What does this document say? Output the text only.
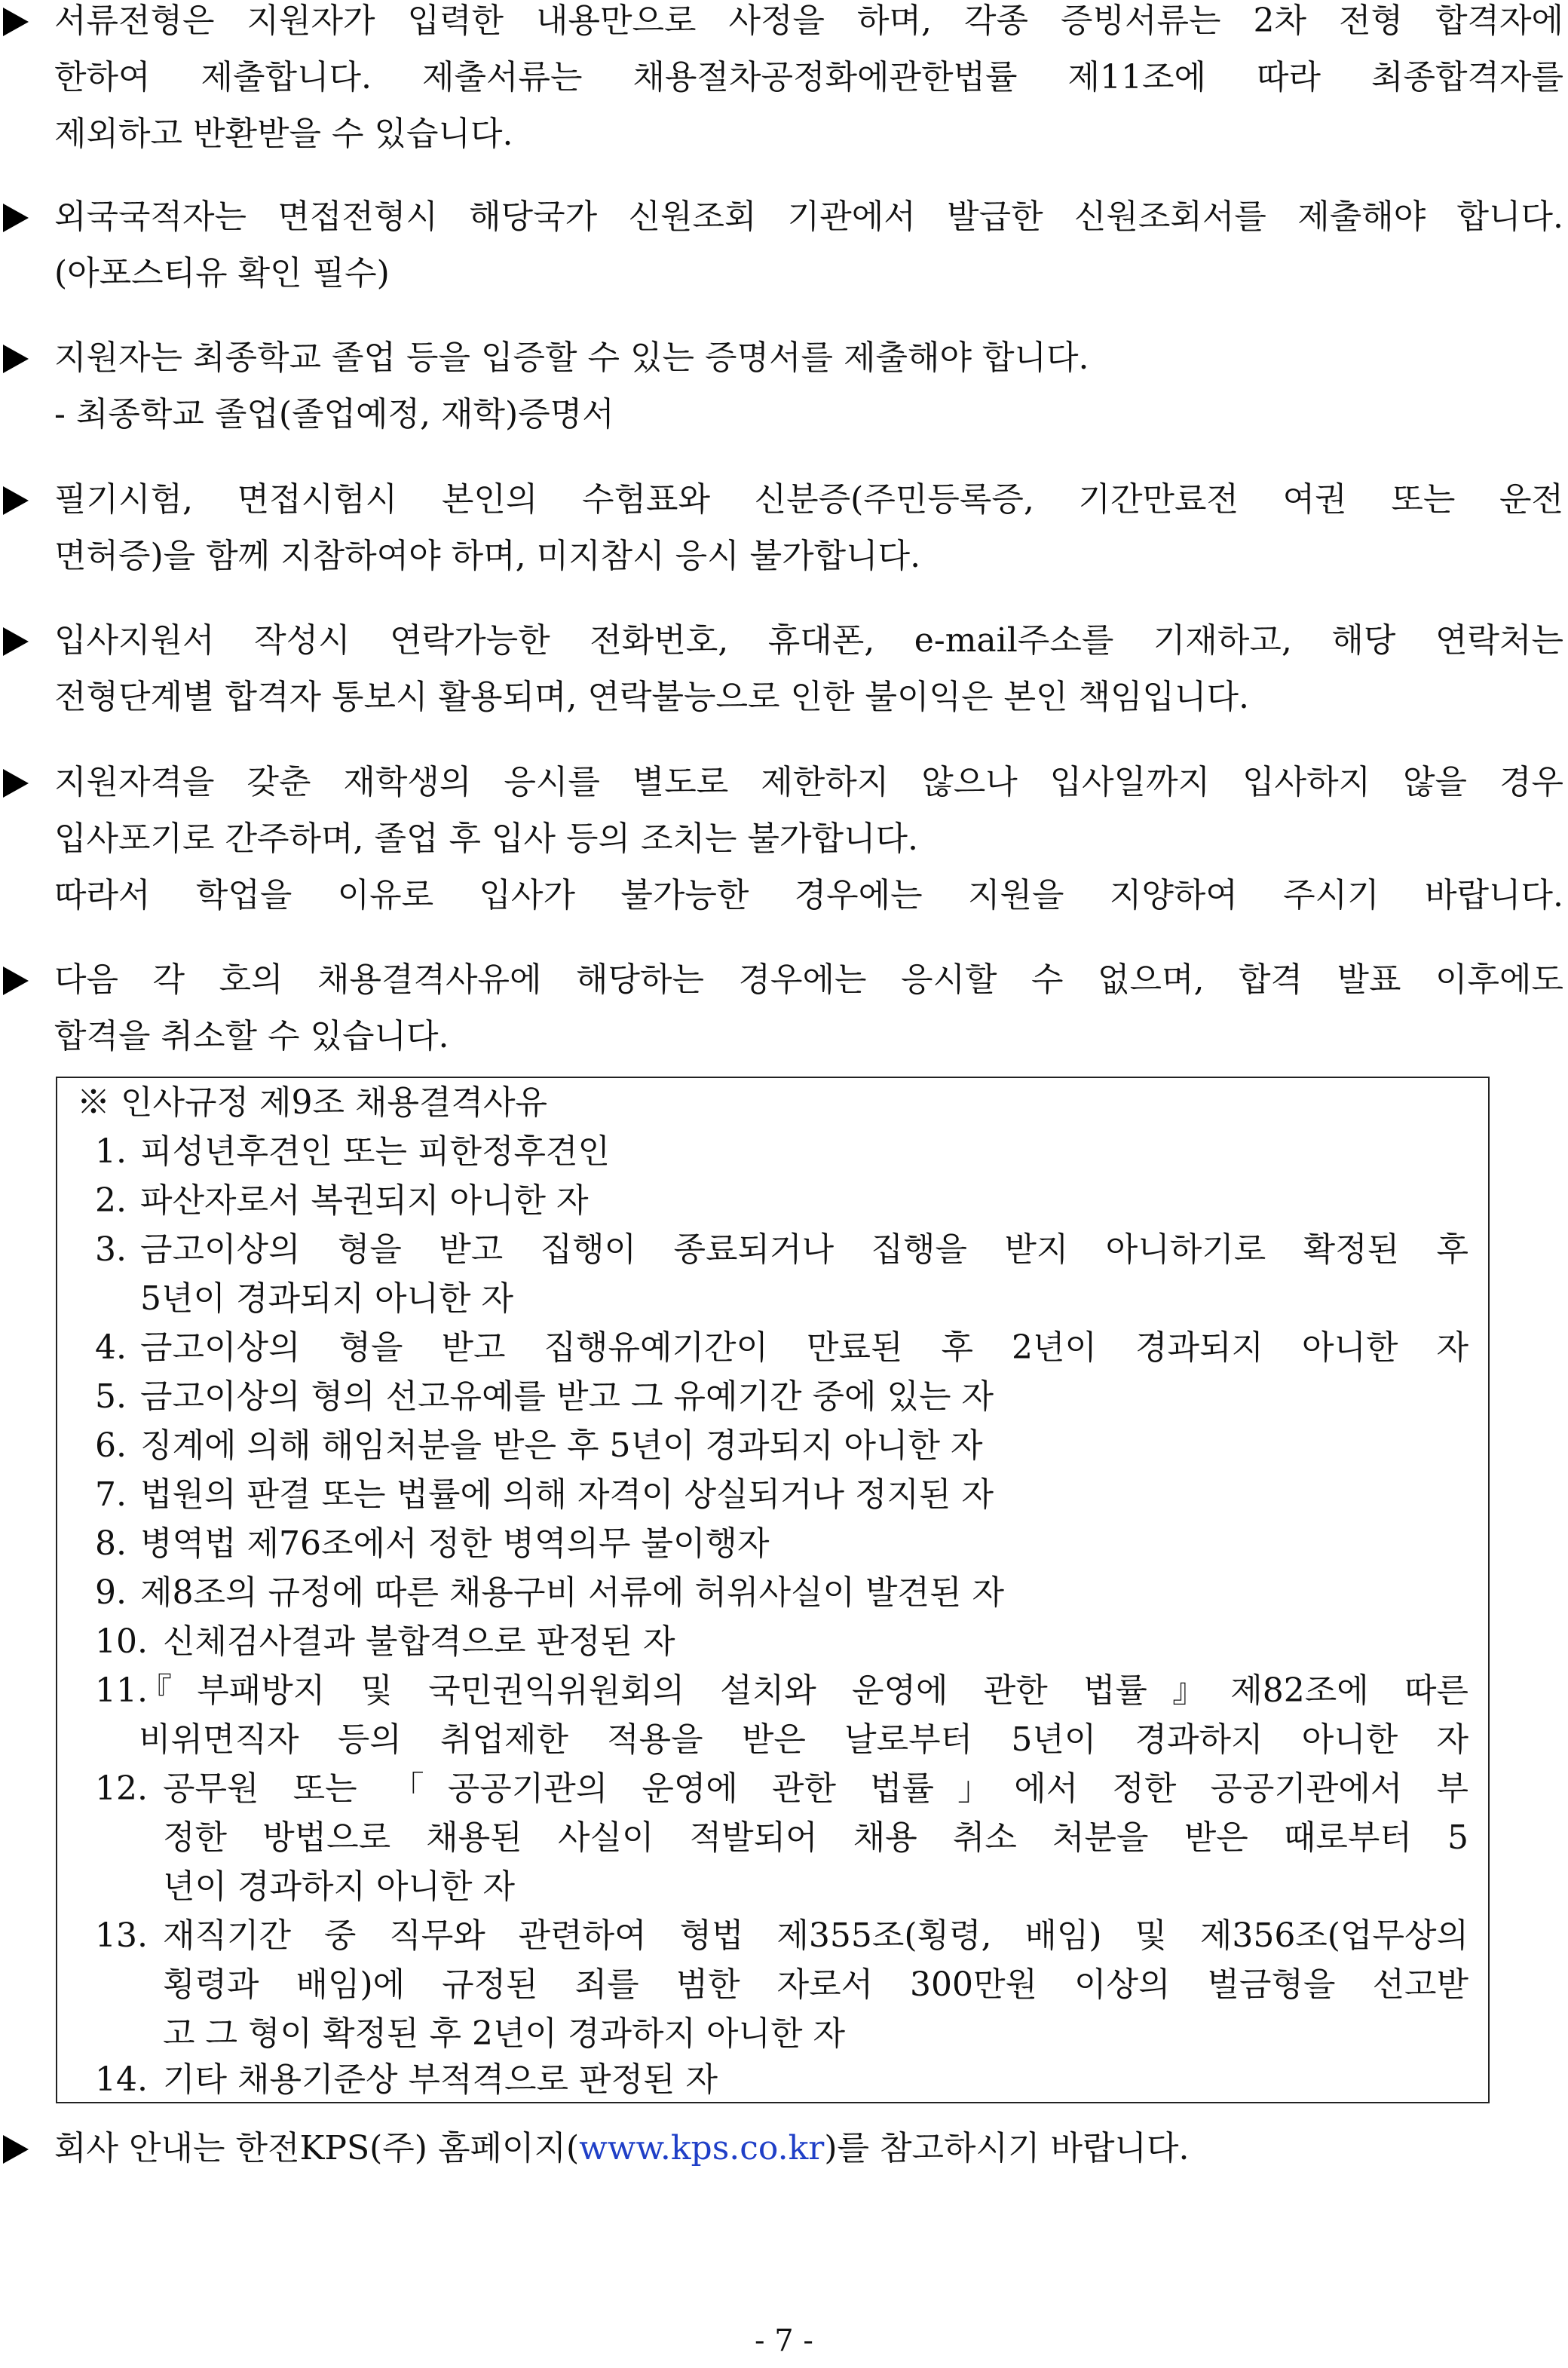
서류전형은 지원자가 입력한 내용만으로 사정을 하며, 각종 증빙서류는 2차 전형 합격자에
한하여 제출합니다. 제출서류는 채용절차공정화에관한법률 제11조에 따라 최종합격자를
제외하고 반환받을 수 있습니다.
외국국적자는 면접전형시 해당국가 신원조회 기관에서 발급한 신원조회서를 제출해야 합니다.
(아포스티유 확인 필수)
지원자는 최종학교 졸업 등을 입증할 수 있는 증명서를 제출해야 합니다.
- 최종학교 졸업(졸업예정, 재학)증명서
필기시험, 면접시험시 본인의 수험표와 신분증(주민등록증, 기간만료전 여권 또는 운전
면허증)을 함께 지참하여야 하며, 미지참시 응시 불가합니다.
입사지원서 작성시 연락가능한 전화번호, 휴대폰, e-mail주소를 기재하고, 해당 연락처는
전형단계별 합격자 통보시 활용되며, 연락불능으로 인한 불이익은 본인 책임입니다.
지원자격을 갖춘 재학생의 응시를 별도로 제한하지 않으나 입사일까지 입사하지 않을 경우
입사포기로 간주하며, 졸업 후 입사 등의 조치는 불가합니다.
따라서 학업을 이유로 입사가 불가능한 경우에는 지원을 지양하여 주시기 바랍니다.
다음 각 호의 채용결격사유에 해당하는 경우에는 응시할 수 없으며, 합격 발표 이후에도
합격을 취소할 수 있습니다.
※ 인사규정 제9조 채용결격사유
1. 피성년후견인 또는 피한정후견인
2. 파산자로서 복권되지 아니한 자
3. 금고이상의 형을 받고 집행이 종료되거나 집행을 받지 아니하기로 확정된 후
5년이 경과되지 아니한 자
4. 금고이상의 형을 받고 집행유예기간이 만료된 후 2년이 경과되지 아니한 자
5. 금고이상의 형의 선고유예를 받고 그 유예기간 중에 있는 자
6. 징계에 의해 해임처분을 받은 후 5년이 경과되지 아니한 자
7. 법원의 판결 또는 법률에 의해 자격이 상실되거나 정지된 자
8. 병역법 제76조에서 정한 병역의무 불이행자
9. 제8조의 규정에 따른 채용구비 서류에 허위사실이 발견된 자
10. 신체검사결과 불합격으로 판정된 자
11.
『부패방지 및 국민권익위원회의 설치와 운영에 관한 법률』제82조에 따른
비위면직자 등의 취업제한 적용을 받은 날로부터 5년이 경과하지 아니한 자
12. 공무원 또는 「공공기관의 운영에 관한 법률」에서 정한 공공기관에서 부
정한 방법으로 채용된 사실이 적발되어 채용 취소 처분을 받은 때로부터 5
년이 경과하지 아니한 자
13. 재직기간 중 직무와 관련하여 형법 제355조(횡령, 배임) 및 제356조(업무상의
횡령과 배임)에 규정된 죄를 범한 자로서 300만원 이상의 벌금형을 선고받
고 그 형이 확정된 후 2년이 경과하지 아니한 자
14. 기타 채용기준상 부적격으로 판정된 자
회사 안내는 한전KPS(주) 홈페이지(www.kps.co.kr)를 참고하시기 바랍니다.
- 7 -
